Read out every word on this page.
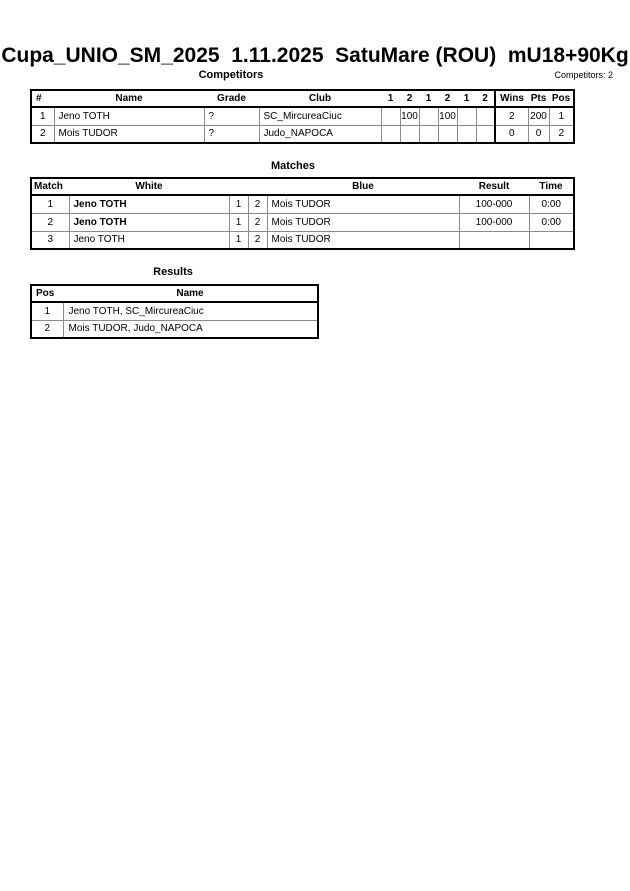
Cupa_UNIO_SM_2025  1.11.2025  SatuMare (ROU)  mU18+90Kg
Competitors: 2
Competitors
#	Name	Grade	Club	1	2	1	2	1	2	Wins	Pts	Pos
1	Jeno TOTH	?	SC_MircureaCiuc		100		100			2	200	1
2	Mois TUDOR	?	Judo_NAPOCA							0	0	2
Matches
Match	White			Blue	Result	Time
1	Jeno TOTH	1	2	Mois TUDOR	100-000	0:00
2	Jeno TOTH	1	2	Mois TUDOR	100-000	0:00
3	Jeno TOTH	1	2	Mois TUDOR		
Results
Pos	Name
1	Jeno TOTH, SC_MircureaCiuc
2	Mois TUDOR, Judo_NAPOCA
